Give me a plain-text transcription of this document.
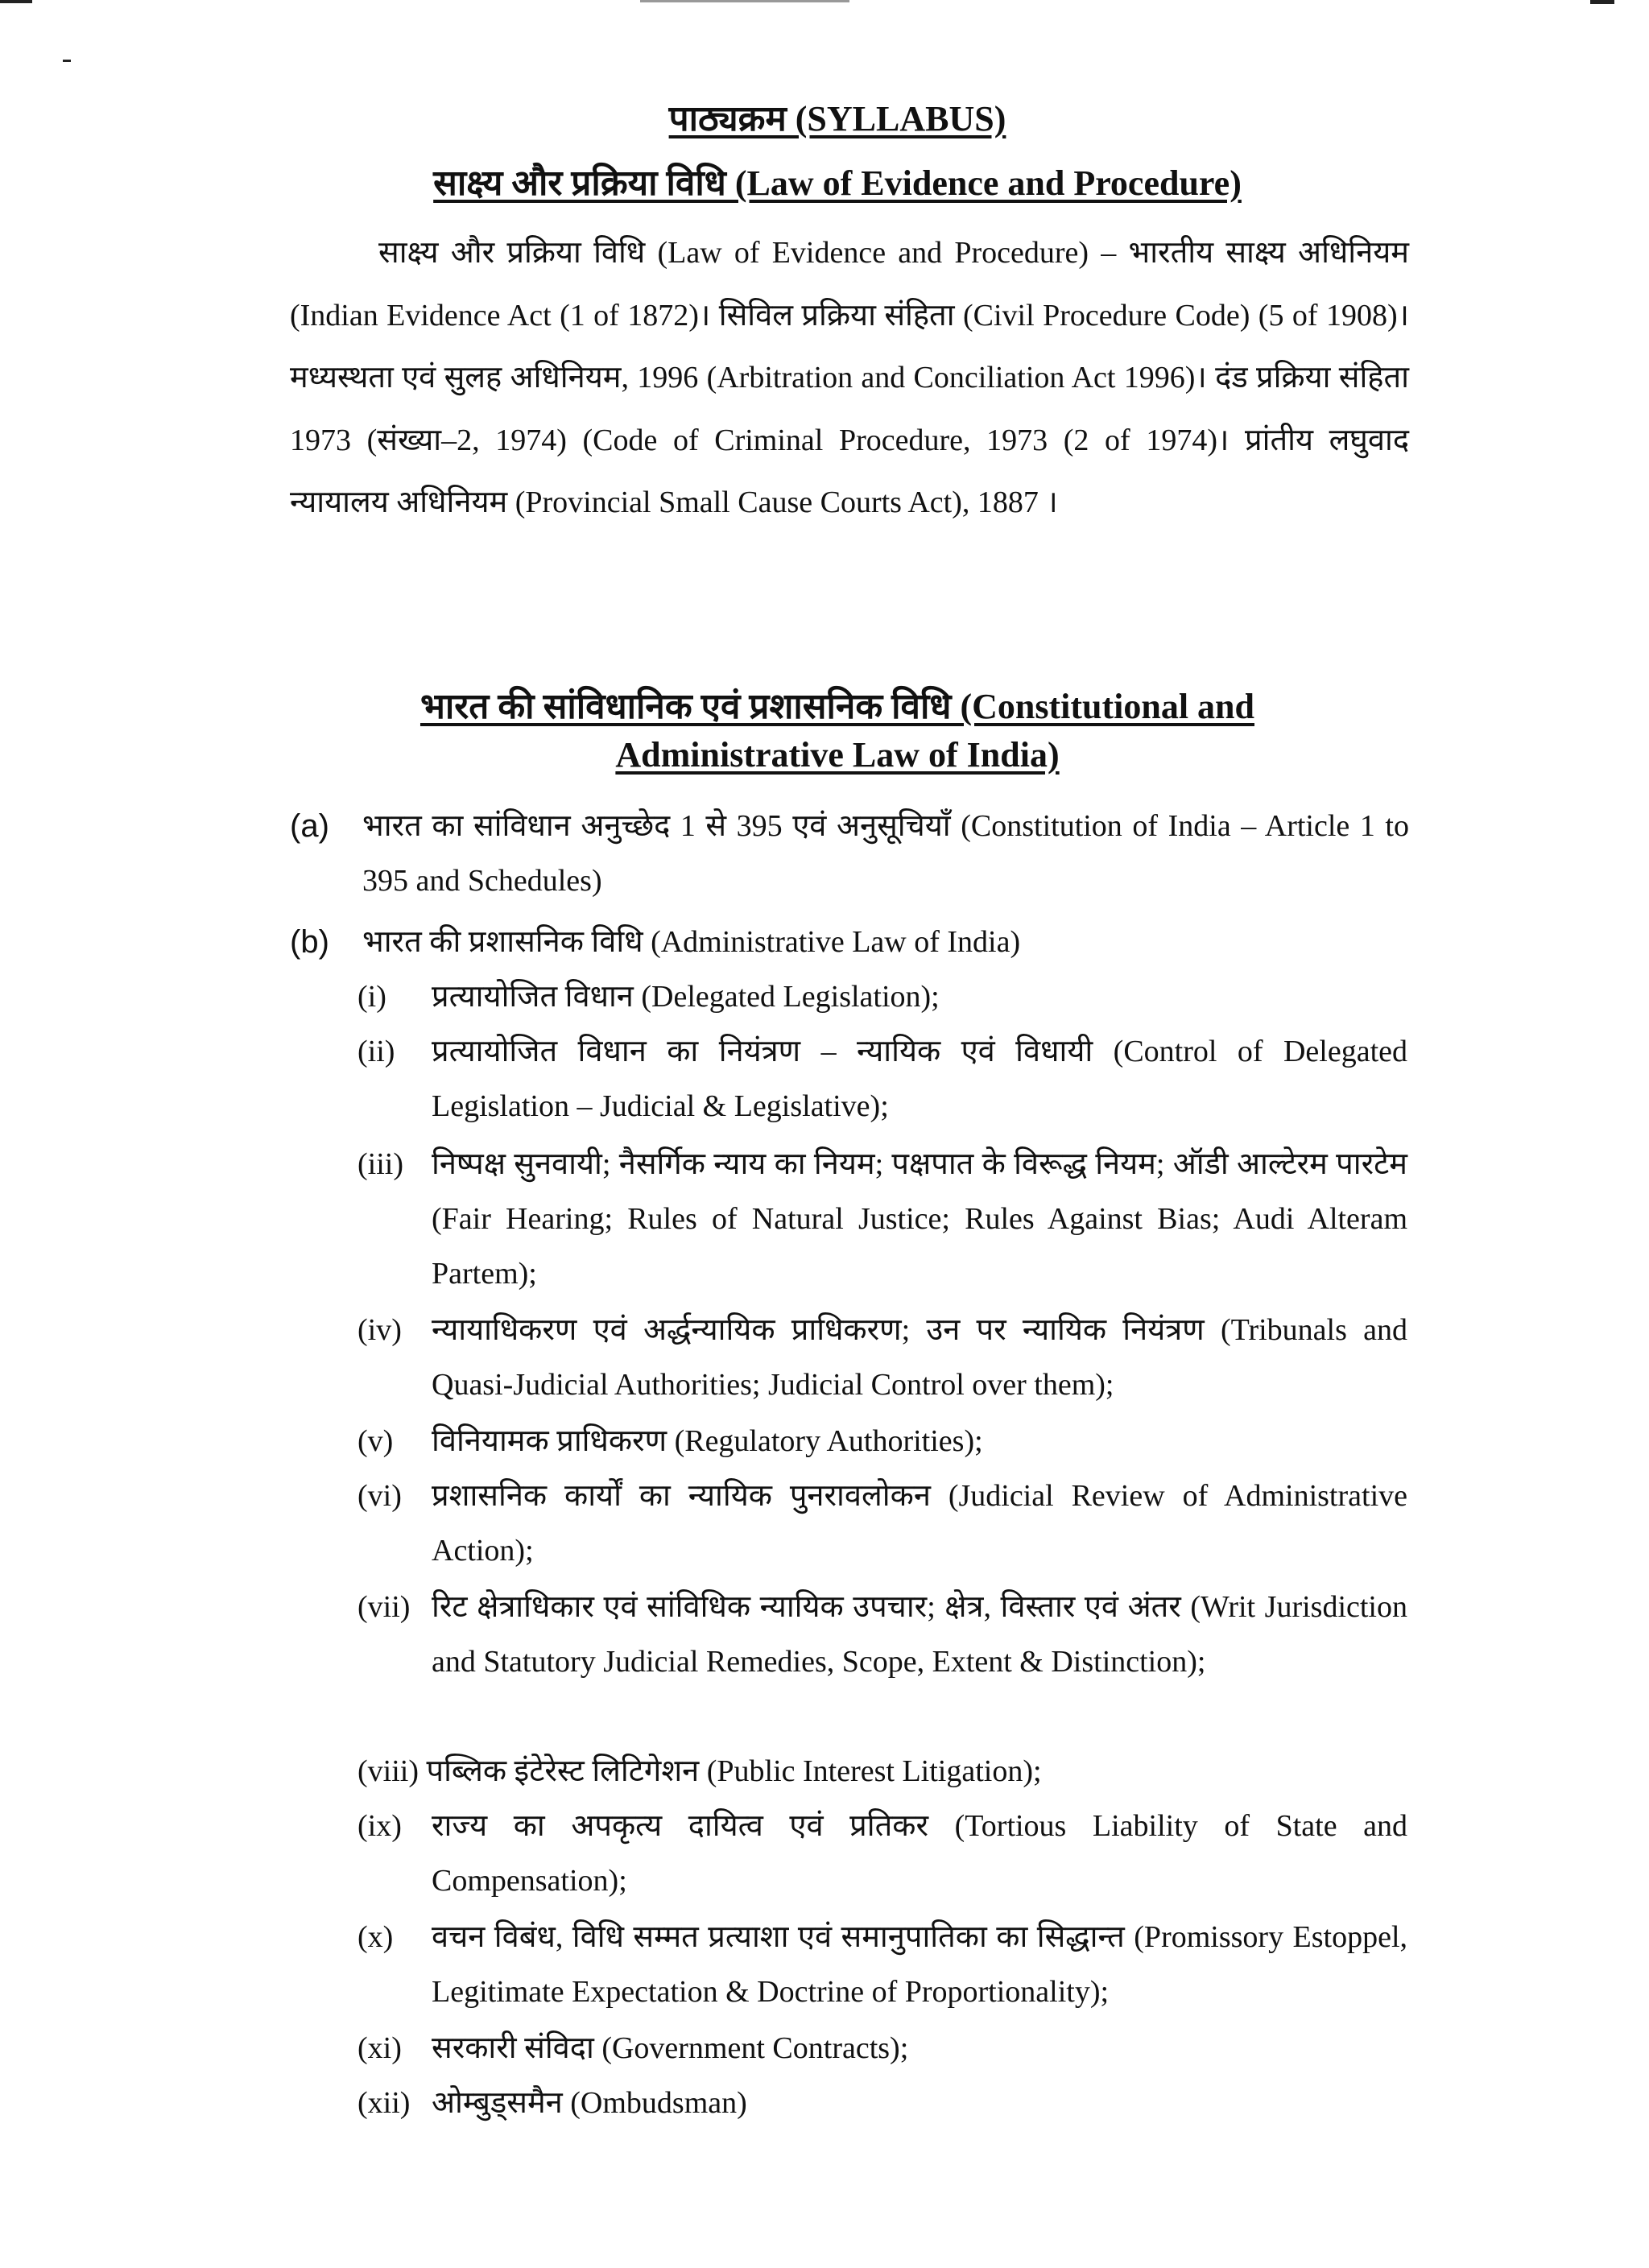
पाठ्यक्रम (SYLLABUS)
साक्ष्य और प्रक्रिया विधि (Law of Evidence and Procedure)

साक्ष्य और प्रक्रिया विधि (Law of Evidence and Procedure) – भारतीय साक्ष्य अधिनियम (Indian Evidence Act (1 of 1872)। सिविल प्रक्रिया संहिता (Civil Procedure Code) (5 of 1908)। मध्यस्थता एवं सुलह अधिनियम, 1996 (Arbitration and Conciliation Act 1996)। दंड प्रक्रिया संहिता 1973 (संख्या–2, 1974) (Code of Criminal Procedure, 1973 (2 of 1974)। प्रांतीय लघुवाद न्यायालय अधिनियम (Provincial Small Cause Courts Act), 1887 ।

भारत की सांविधानिक एवं प्रशासनिक विधि (Constitutional and
Administrative Law of India)
(a) भारत का सांविधान अनुच्छेद 1 से 395 एवं अनुसूचियाँ (Constitution of India – Article 1 to 395 and Schedules)
(b) भारत की प्रशासनिक विधि (Administrative Law of India)
(i) प्रत्यायोजित विधान (Delegated Legislation);
(ii) प्रत्यायोजित विधान का नियंत्रण – न्यायिक एवं विधायी (Control of Delegated Legislation – Judicial & Legislative);
(iii) निष्पक्ष सुनवायी; नैसर्गिक न्याय का नियम; पक्षपात के विरूद्ध नियम; ऑडी आल्टेरम पारटेम (Fair Hearing; Rules of Natural Justice; Rules Against Bias; Audi Alteram Partem);
(iv) न्यायाधिकरण एवं अर्द्धन्यायिक प्राधिकरण; उन पर न्यायिक नियंत्रण (Tribunals and Quasi-Judicial Authorities; Judicial Control over them);
(v) विनियामक प्राधिकरण (Regulatory Authorities);
(vi) प्रशासनिक कार्यों का न्यायिक पुनरावलोकन (Judicial Review of Administrative Action);
(vii) रिट क्षेत्राधिकार एवं सांविधिक न्यायिक उपचार; क्षेत्र, विस्तार एवं अंतर (Writ Jurisdiction and Statutory Judicial Remedies, Scope, Extent & Distinction);
(viii) पब्लिक इंटेरेस्ट लिटिगेशन (Public Interest Litigation);
(ix) राज्य का अपकृत्य दायित्व एवं प्रतिकर (Tortious Liability of State and Compensation);
(x) वचन विबंध, विधि सम्मत प्रत्याशा एवं समानुपातिका का सिद्धान्त (Promissory Estoppel, Legitimate Expectation & Doctrine of Proportionality);
(xi) सरकारी संविदा (Government Contracts);
(xii) ओम्बुड्समैन (Ombudsman)
